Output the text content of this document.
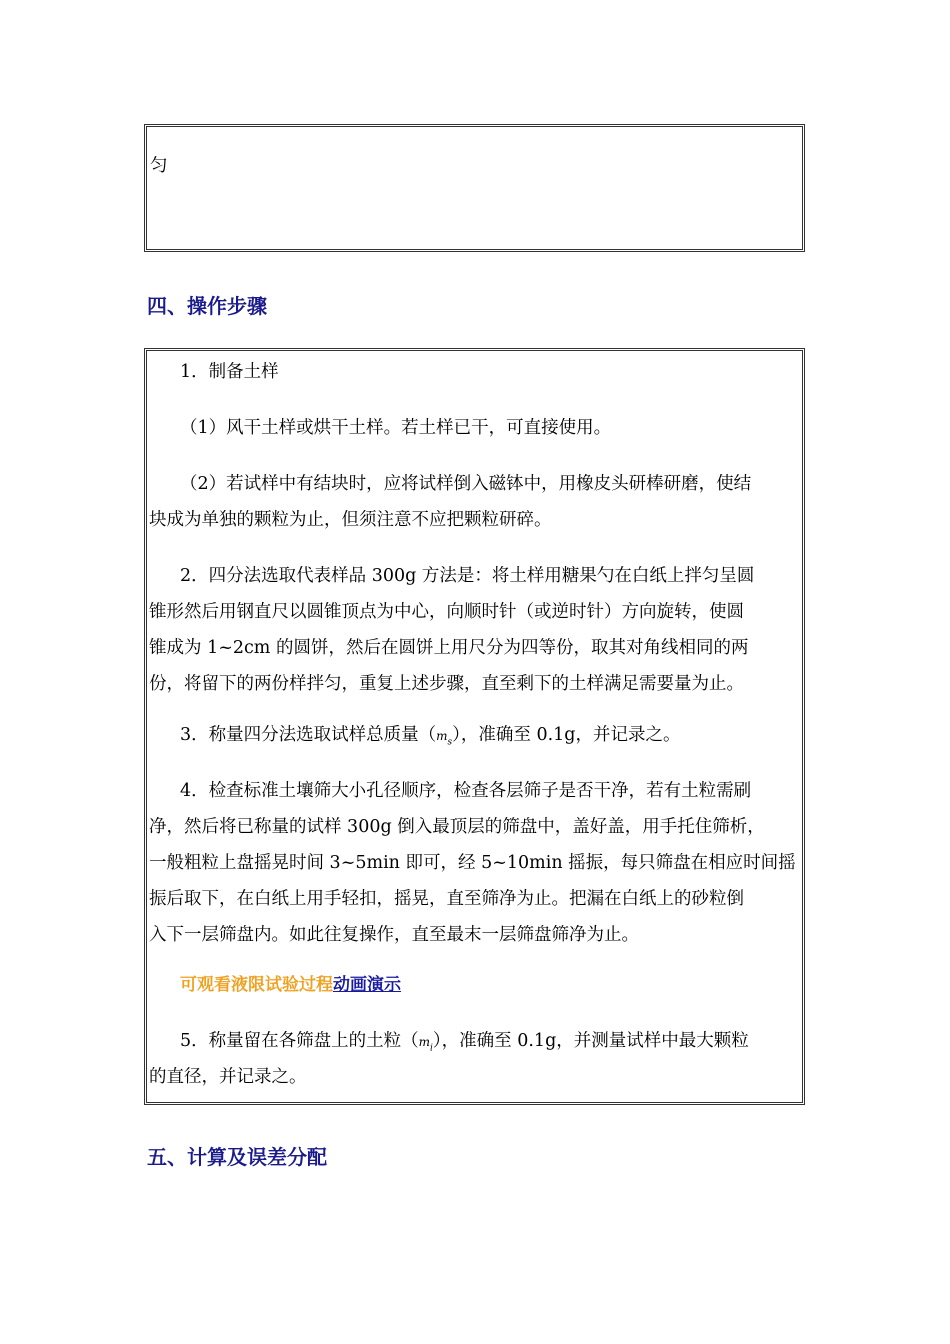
匀
四、操作步骤
1．制备土样
（1）风干土样或烘干土样。若土样已干，可直接使用。
（2）若试样中有结块时，应将试样倒入磁钵中，用橡皮头研棒研磨，使结
块成为单独的颗粒为止，但须注意不应把颗粒研碎。
2．四分法选取代表样品 300g 方法是：将土样用糖果勺在白纸上拌匀呈圆
锥形然后用钢直尺以圆锥顶点为中心，向顺时针（或逆时针）方向旋转，使圆
锥成为 1~2cm 的圆饼，然后在圆饼上用尺分为四等份，取其对角线相同的两
份，将留下的两份样拌匀，重复上述步骤，直至剩下的土样满足需要量为止。
3．称量四分法选取试样总质量$(m_s)$，准确至 0.1g，并记录之。
4．检查标准土壤筛大小孔径顺序，检查各层筛子是否干净，若有土粒需刷
净，然后将已称量的试样 300g 倒入最顶层的筛盘中，盖好盖，用手托住筛析，
一般粗粒上盘摇晃时间 3~5min 即可，经 5~10min 摇振，每只筛盘在相应时间摇
振后取下，在白纸上用手轻扣，摇晃，直至筛净为止。把漏在白纸上的砂粒倒
入下一层筛盘内。如此往复操作，直至最末一层筛盘筛净为止。
可观看液限试验过程动画演示
5．称量留在各筛盘上的土粒$(m_i)$，准确至 0.1g，并测量试样中最大颗粒
的直径，并记录之。
五、计算及误差分配
